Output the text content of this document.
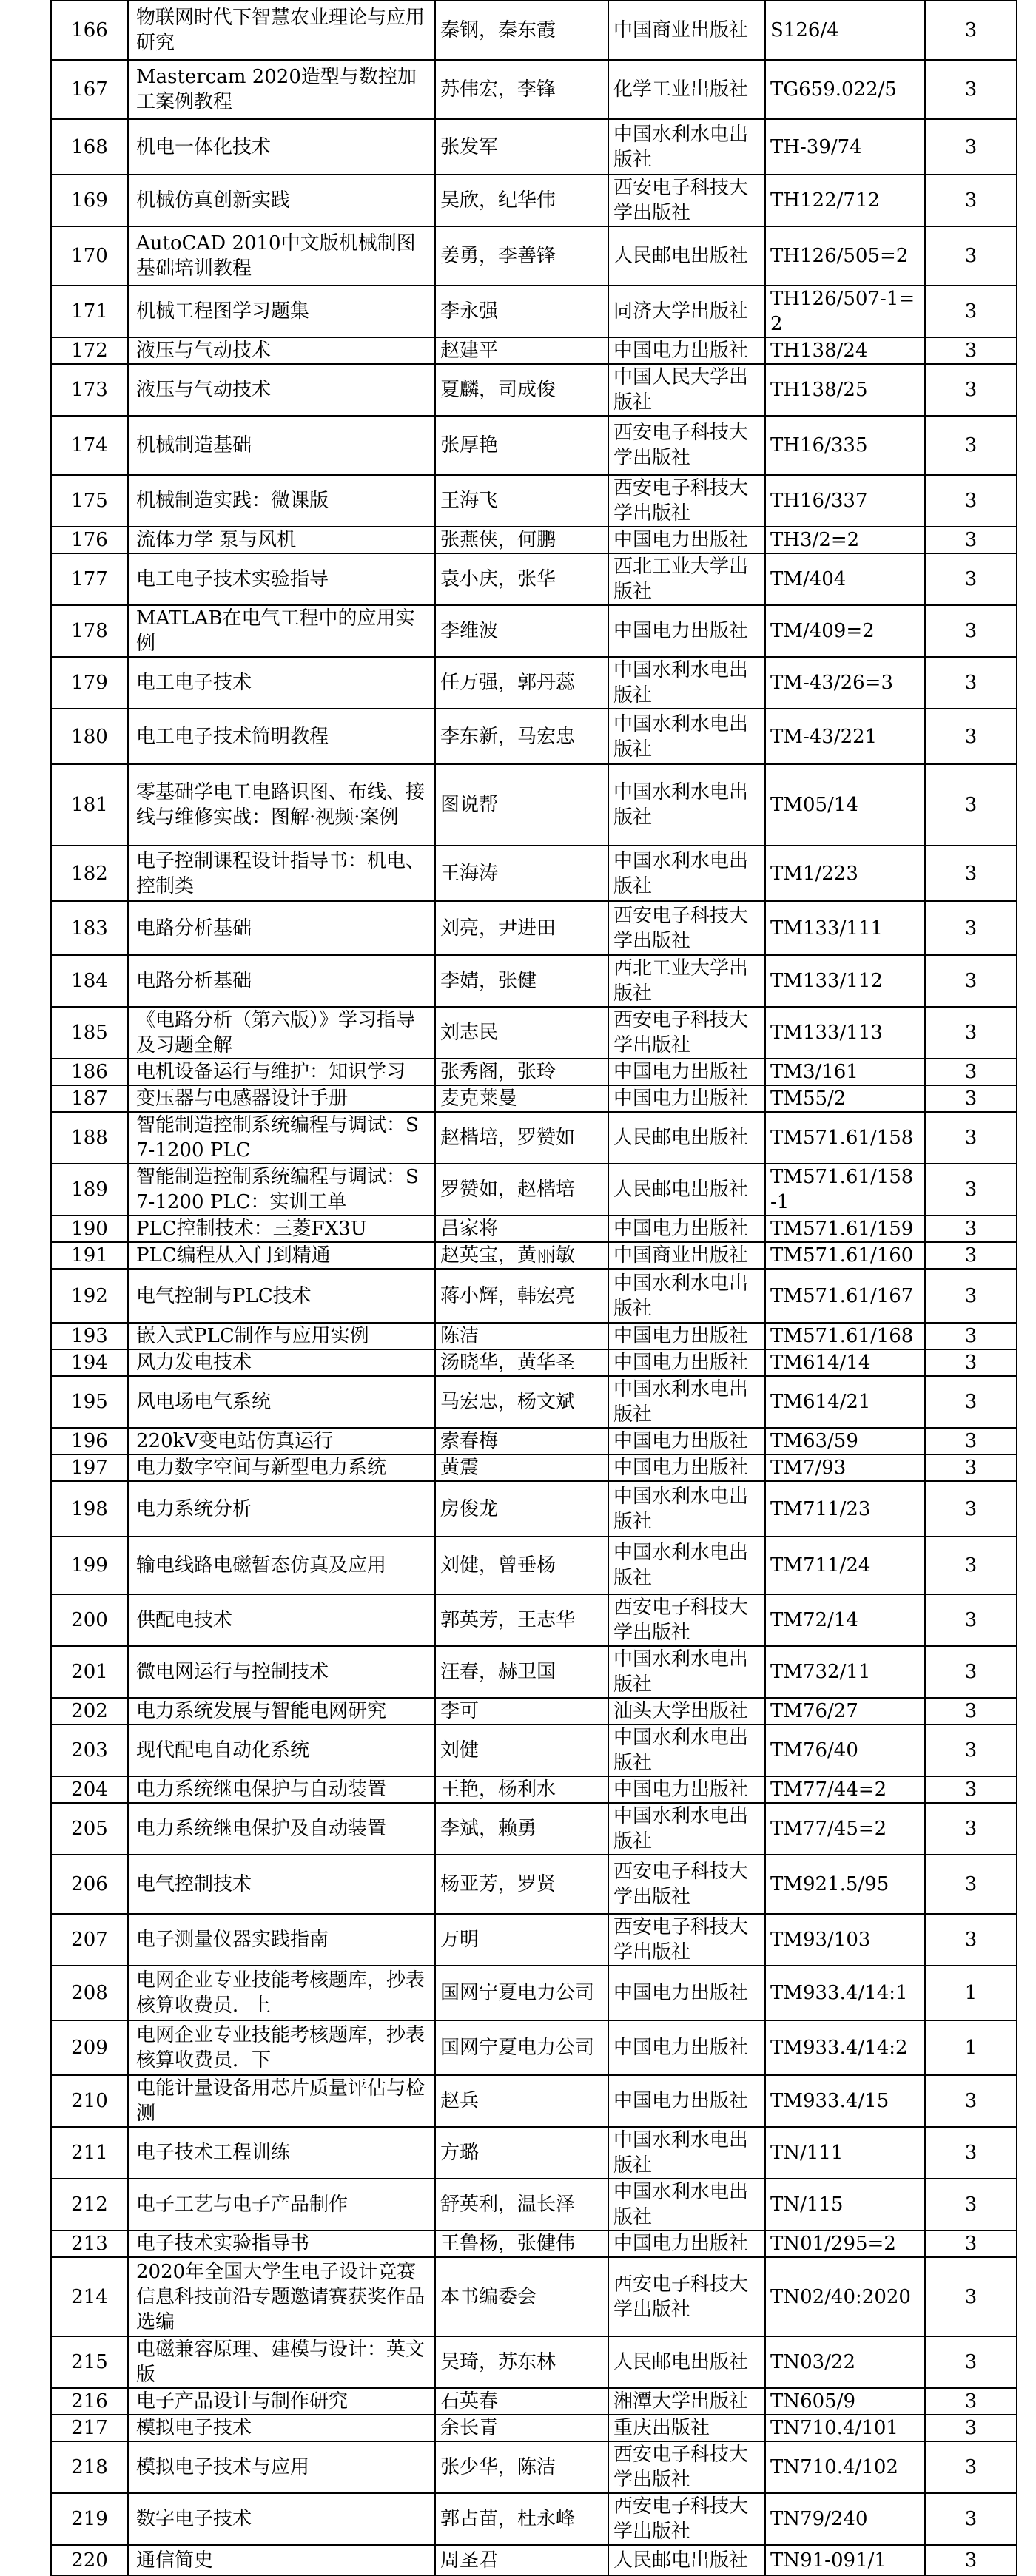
166	物联网时代下智慧农业理论与应用研究	秦钢，秦东霞	中国商业出版社	S126/4	3
167	Mastercam 2020造型与数控加工案例教程	苏伟宏，李锋	化学工业出版社	TG659.022/5	3
168	机电一体化技术	张发军	中国水利水电出版社	TH-39/74	3
169	机械仿真创新实践	吴欣，纪华伟	西安电子科技大学出版社	TH122/712	3
170	AutoCAD 2010中文版机械制图基础培训教程	姜勇，李善锋	人民邮电出版社	TH126/505=2	3
171	机械工程图学习题集	李永强	同济大学出版社	TH126/507-1=2	3
172	液压与气动技术	赵建平	中国电力出版社	TH138/24	3
173	液压与气动技术	夏麟，司成俊	中国人民大学出版社	TH138/25	3
174	机械制造基础	张厚艳	西安电子科技大学出版社	TH16/335	3
175	机械制造实践：微课版	王海飞	西安电子科技大学出版社	TH16/337	3
176	流体力学 泵与风机	张燕侠，何鹏	中国电力出版社	TH3/2=2	3
177	电工电子技术实验指导	袁小庆，张华	西北工业大学出版社	TM/404	3
178	MATLAB在电气工程中的应用实例	李维波	中国电力出版社	TM/409=2	3
179	电工电子技术	任万强，郭丹蕊	中国水利水电出版社	TM-43/26=3	3
180	电工电子技术简明教程	李东新，马宏忠	中国水利水电出版社	TM-43/221	3
181	零基础学电工电路识图、布线、接线与维修实战：图解·视频·案例	图说帮	中国水利水电出版社	TM05/14	3
182	电子控制课程设计指导书：机电、控制类	王海涛	中国水利水电出版社	TM1/223	3
183	电路分析基础	刘亮，尹进田	西安电子科技大学出版社	TM133/111	3
184	电路分析基础	李婧，张健	西北工业大学出版社	TM133/112	3
185	《电路分析（第六版）》学习指导及习题全解	刘志民	西安电子科技大学出版社	TM133/113	3
186	电机设备运行与维护：知识学习	张秀阁，张玲	中国电力出版社	TM3/161	3
187	变压器与电感器设计手册	麦克莱曼	中国电力出版社	TM55/2	3
188	智能制造控制系统编程与调试：S7-1200 PLC	赵楷培，罗赞如	人民邮电出版社	TM571.61/158	3
189	智能制造控制系统编程与调试：S7-1200 PLC：实训工单	罗赞如，赵楷培	人民邮电出版社	TM571.61/158-1	3
190	PLC控制技术：三菱FX3U	吕家将	中国电力出版社	TM571.61/159	3
191	PLC编程从入门到精通	赵英宝，黄丽敏	中国商业出版社	TM571.61/160	3
192	电气控制与PLC技术	蒋小辉，韩宏亮	中国水利水电出版社	TM571.61/167	3
193	嵌入式PLC制作与应用实例	陈洁	中国电力出版社	TM571.61/168	3
194	风力发电技术	汤晓华，黄华圣	中国电力出版社	TM614/14	3
195	风电场电气系统	马宏忠，杨文斌	中国水利水电出版社	TM614/21	3
196	220kV变电站仿真运行	索春梅	中国电力出版社	TM63/59	3
197	电力数字空间与新型电力系统	黄震	中国电力出版社	TM7/93	3
198	电力系统分析	房俊龙	中国水利水电出版社	TM711/23	3
199	输电线路电磁暂态仿真及应用	刘健，曾垂杨	中国水利水电出版社	TM711/24	3
200	供配电技术	郭英芳，王志华	西安电子科技大学出版社	TM72/14	3
201	微电网运行与控制技术	汪春，赫卫国	中国水利水电出版社	TM732/11	3
202	电力系统发展与智能电网研究	李可	汕头大学出版社	TM76/27	3
203	现代配电自动化系统	刘健	中国水利水电出版社	TM76/40	3
204	电力系统继电保护与自动装置	王艳，杨利水	中国电力出版社	TM77/44=2	3
205	电力系统继电保护及自动装置	李斌，赖勇	中国水利水电出版社	TM77/45=2	3
206	电气控制技术	杨亚芳，罗贤	西安电子科技大学出版社	TM921.5/95	3
207	电子测量仪器实践指南	万明	西安电子科技大学出版社	TM93/103	3
208	电网企业专业技能考核题库，抄表核算收费员．上	国网宁夏电力公司	中国电力出版社	TM933.4/14:1	1
209	电网企业专业技能考核题库，抄表核算收费员．下	国网宁夏电力公司	中国电力出版社	TM933.4/14:2	1
210	电能计量设备用芯片质量评估与检测	赵兵	中国电力出版社	TM933.4/15	3
211	电子技术工程训练	方璐	中国水利水电出版社	TN/111	3
212	电子工艺与电子产品制作	舒英利，温长泽	中国水利水电出版社	TN/115	3
213	电子技术实验指导书	王鲁杨，张健伟	中国电力出版社	TN01/295=2	3
214	2020年全国大学生电子设计竞赛信息科技前沿专题邀请赛获奖作品选编	本书编委会	西安电子科技大学出版社	TN02/40:2020	3
215	电磁兼容原理、建模与设计：英文版	吴琦，苏东林	人民邮电出版社	TN03/22	3
216	电子产品设计与制作研究	石英春	湘潭大学出版社	TN605/9	3
217	模拟电子技术	余长青	重庆出版社	TN710.4/101	3
218	模拟电子技术与应用	张少华，陈洁	西安电子科技大学出版社	TN710.4/102	3
219	数字电子技术	郭占苗，杜永峰	西安电子科技大学出版社	TN79/240	3
220	通信简史	周圣君	人民邮电出版社	TN91-091/1	3
